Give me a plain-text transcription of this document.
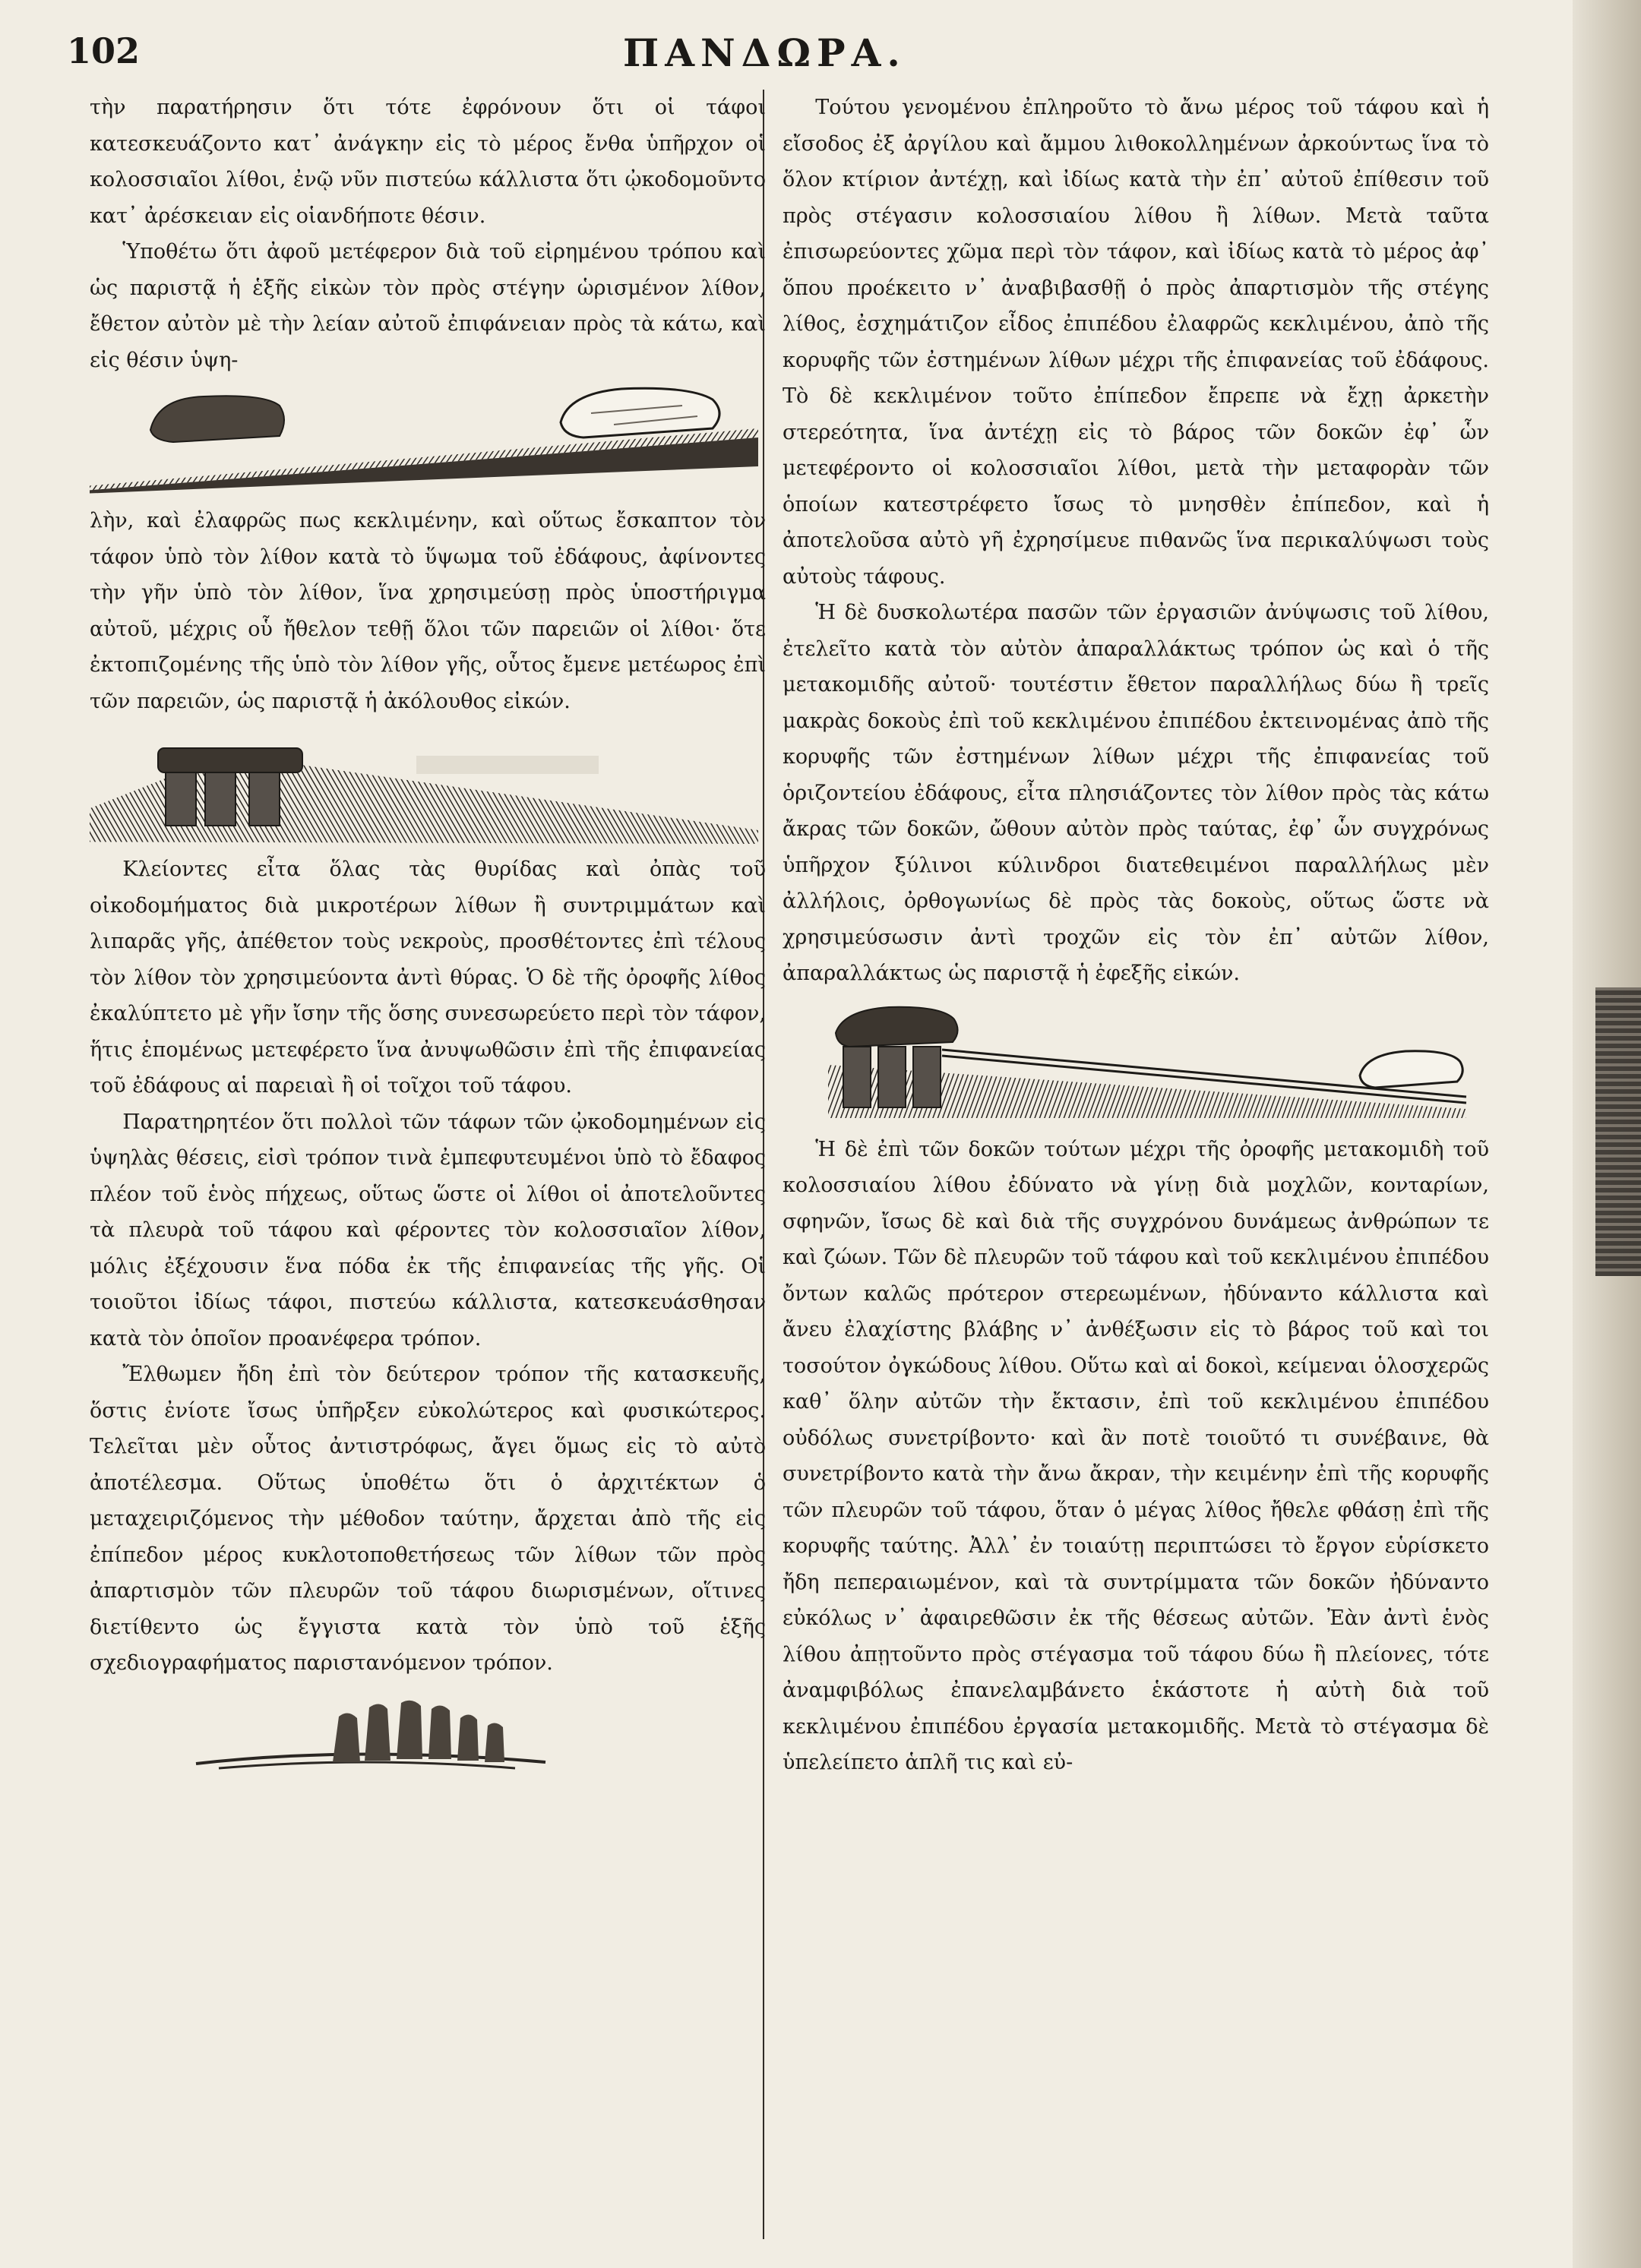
102	ΠΑΝΔΩΡΑ.

τὴν παρατήρησιν ὅτι τότε ἐφρόνουν ὅτι οἱ τάφοι κατεσκευάζοντο κατ᾿ ἀνάγκην εἰς τὸ μέρος ἔνθα ὑπῆρχον οἱ κολοσσιαῖοι λίθοι, ἐνῷ νῦν πιστεύω κάλλιστα ὅτι ᾠκοδομοῦντο κατ᾿ ἀρέσκειαν εἰς οἱανδήποτε θέσιν.

Ὑποθέτω ὅτι ἀφοῦ μετέφερον διὰ τοῦ εἰρημένου τρόπου καὶ ὡς παριστᾷ ἡ ἑξῆς εἰκὼν τὸν πρὸς στέγην ὡρισμένον λίθον, ἔθετον αὐτὸν μὲ τὴν λείαν αὐτοῦ ἐπιφάνειαν πρὸς τὰ κάτω, καὶ εἰς θέσιν ὑψη-

λὴν, καὶ ἐλαφρῶς πως κεκλιμένην, καὶ οὕτως ἔσκαπτον τὸν τάφον ὑπὸ τὸν λίθον κατὰ τὸ ὕψωμα τοῦ ἐδάφους, ἀφίνοντες τὴν γῆν ὑπὸ τὸν λίθον, ἵνα χρησιμεύσῃ πρὸς ὑποστήριγμα αὐτοῦ, μέχρις οὗ ἤθελον τεθῇ ὅλοι τῶν παρειῶν οἱ λίθοι· ὅτε ἐκτοπιζομένης τῆς ὑπὸ τὸν λίθον γῆς, οὗτος ἔμενε μετέωρος ἐπὶ τῶν παρειῶν, ὡς παριστᾷ ἡ ἀκόλουθος εἰκών.

Κλείοντες εἶτα ὅλας τὰς θυρίδας καὶ ὀπὰς τοῦ οἰκοδομήματος διὰ μικροτέρων λίθων ἢ συντριμμάτων καὶ λιπαρᾶς γῆς, ἀπέθετον τοὺς νεκροὺς, προσθέτοντες ἐπὶ τέλους τὸν λίθον τὸν χρησιμεύοντα ἀντὶ θύρας. Ὁ δὲ τῆς ὀροφῆς λίθος ἐκαλύπτετο μὲ γῆν ἴσην τῆς ὅσης συνεσωρεύετο περὶ τὸν τάφον, ἥτις ἑπομένως μετεφέρετο ἵνα ἀνυψωθῶσιν ἐπὶ τῆς ἐπιφανείας τοῦ ἐδάφους αἱ παρειαὶ ἢ οἱ τοῖχοι τοῦ τάφου.

Παρατηρητέον ὅτι πολλοὶ τῶν τάφων τῶν ᾠκοδομημένων εἰς ὑψηλὰς θέσεις, εἰσὶ τρόπον τινὰ ἐμπεφυτευμένοι ὑπὸ τὸ ἔδαφος πλέον τοῦ ἑνὸς πήχεως, οὕτως ὥστε οἱ λίθοι οἱ ἀποτελοῦντες τὰ πλευρὰ τοῦ τάφου καὶ φέροντες τὸν κολοσσιαῖον λίθον, μόλις ἐξέχουσιν ἕνα πόδα ἐκ τῆς ἐπιφανείας τῆς γῆς. Οἱ τοιοῦτοι ἰδίως τάφοι, πιστεύω κάλλιστα, κατεσκευάσθησαν κατὰ τὸν ὁποῖον προανέφερα τρόπον.

Ἔλθωμεν ἤδη ἐπὶ τὸν δεύτερον τρόπον τῆς κατασκευῆς, ὅστις ἐνίοτε ἴσως ὑπῆρξεν εὐκολώτερος καὶ φυσικώτερος. Τελεῖται μὲν οὗτος ἀντιστρόφως, ἄγει ὅμως εἰς τὸ αὐτὸ ἀποτέλεσμα. Οὕτως ὑποθέτω ὅτι ὁ ἀρχιτέκτων ὁ μεταχειριζόμενος τὴν μέθοδον ταύτην, ἄρχεται ἀπὸ τῆς εἰς ἐπίπεδον μέρος κυκλοτοποθετήσεως τῶν λίθων τῶν πρὸς ἀπαρτισμὸν τῶν πλευρῶν τοῦ τάφου διωρισμένων, οἵτινες διετίθεντο ὡς ἔγγιστα κατὰ τὸν ὑπὸ τοῦ ἑξῆς σχεδιογραφήματος παριστανόμενον τρόπον.

Τούτου γενομένου ἐπληροῦτο τὸ ἄνω μέρος τοῦ τάφου καὶ ἡ εἴσοδος ἐξ ἀργίλου καὶ ἄμμου λιθοκολλημένων ἀρκούντως ἵνα τὸ ὅλον κτίριον ἀντέχῃ, καὶ ἰδίως κατὰ τὴν ἐπ᾿ αὐτοῦ ἐπίθεσιν τοῦ πρὸς στέγασιν κολοσσιαίου λίθου ἢ λίθων. Μετὰ ταῦτα ἐπισωρεύοντες χῶμα περὶ τὸν τάφον, καὶ ἰδίως κατὰ τὸ μέρος ἀφ᾿ ὅπου προέκειτο ν᾿ ἀναβιβασθῇ ὁ πρὸς ἀπαρτισμὸν τῆς στέγης λίθος, ἐσχημάτιζον εἶδος ἐπιπέδου ἐλαφρῶς κεκλιμένου, ἀπὸ τῆς κορυφῆς τῶν ἐστημένων λίθων μέχρι τῆς ἐπιφανείας τοῦ ἐδάφους. Τὸ δὲ κεκλιμένον τοῦτο ἐπίπεδον ἔπρεπε νὰ ἔχῃ ἀρκετὴν στερεότητα, ἵνα ἀντέχῃ εἰς τὸ βάρος τῶν δοκῶν ἐφ᾿ ὧν μετεφέροντο οἱ κολοσσιαῖοι λίθοι, μετὰ τὴν μεταφορὰν τῶν ὁποίων κατεστρέφετο ἴσως τὸ μνησθὲν ἐπίπεδον, καὶ ἡ ἀποτελοῦσα αὐτὸ γῆ ἐχρησίμευε πιθανῶς ἵνα περικαλύψωσι τοὺς αὐτοὺς τάφους.

Ἡ δὲ δυσκολωτέρα πασῶν τῶν ἐργασιῶν ἀνύψωσις τοῦ λίθου, ἐτελεῖτο κατὰ τὸν αὐτὸν ἀπαραλλάκτως τρόπον ὡς καὶ ὁ τῆς μετακομιδῆς αὐτοῦ· τουτέστιν ἔθετον παραλλήλως δύω ἢ τρεῖς μακρὰς δοκοὺς ἐπὶ τοῦ κεκλιμένου ἐπιπέδου ἐκτεινομένας ἀπὸ τῆς κορυφῆς τῶν ἐστημένων λίθων μέχρι τῆς ἐπιφανείας τοῦ ὁριζοντείου ἐδάφους, εἶτα πλησιάζοντες τὸν λίθον πρὸς τὰς κάτω ἄκρας τῶν δοκῶν, ὤθουν αὐτὸν πρὸς ταύτας, ἐφ᾿ ὧν συγχρόνως ὑπῆρχον ξύλινοι κύλινδροι διατεθειμένοι παραλλήλως μὲν ἀλλήλοις, ὀρθογωνίως δὲ πρὸς τὰς δοκοὺς, οὕτως ὥστε νὰ χρησιμεύσωσιν ἀντὶ τροχῶν εἰς τὸν ἐπ᾿ αὐτῶν λίθον, ἀπαραλλάκτως ὡς παριστᾷ ἡ ἐφεξῆς εἰκών.

Ἡ δὲ ἐπὶ τῶν δοκῶν τούτων μέχρι τῆς ὀροφῆς μετακομιδὴ τοῦ κολοσσιαίου λίθου ἐδύνατο νὰ γίνῃ διὰ μοχλῶν, κονταρίων, σφηνῶν, ἴσως δὲ καὶ διὰ τῆς συγχρόνου δυνάμεως ἀνθρώπων τε καὶ ζώων. Τῶν δὲ πλευρῶν τοῦ τάφου καὶ τοῦ κεκλιμένου ἐπιπέδου ὄντων καλῶς πρότερον στερεωμένων, ἠδύναντο κάλλιστα καὶ ἄνευ ἐλαχίστης βλάβης ν᾿ ἀνθέξωσιν εἰς τὸ βάρος τοῦ καὶ τοι τοσούτον ὀγκώδους λίθου. Οὕτω καὶ αἱ δοκοὶ, κείμεναι ὁλοσχερῶς καθ᾿ ὅλην αὐτῶν τὴν ἔκτασιν, ἐπὶ τοῦ κεκλιμένου ἐπιπέδου οὐδόλως συνετρίβοντο· καὶ ἂν ποτὲ τοιοῦτό τι συνέβαινε, θὰ συνετρίβοντο κατὰ τὴν ἄνω ἄκραν, τὴν κειμένην ἐπὶ τῆς κορυφῆς τῶν πλευρῶν τοῦ τάφου, ὅταν ὁ μέγας λίθος ἤθελε φθάσῃ ἐπὶ τῆς κορυφῆς ταύτης. Ἀλλ᾿ ἐν τοιαύτῃ περιπτώσει τὸ ἔργον εὑρίσκετο ἤδη πεπεραιωμένον, καὶ τὰ συντρίμματα τῶν δοκῶν ἠδύναντο εὐκόλως ν᾿ ἀφαιρεθῶσιν ἐκ τῆς θέσεως αὐτῶν. Ἐὰν ἀντὶ ἑνὸς λίθου ἀπῃτοῦντο πρὸς στέγασμα τοῦ τάφου δύω ἢ πλείονες, τότε ἀναμφιβόλως ἐπανελαμβάνετο ἑκάστοτε ἡ αὐτὴ διὰ τοῦ κεκλιμένου ἐπιπέδου ἐργασία μετακομιδῆς. Μετὰ τὸ στέγασμα δὲ ὑπελείπετο ἁπλῆ τις καὶ εὐ-
